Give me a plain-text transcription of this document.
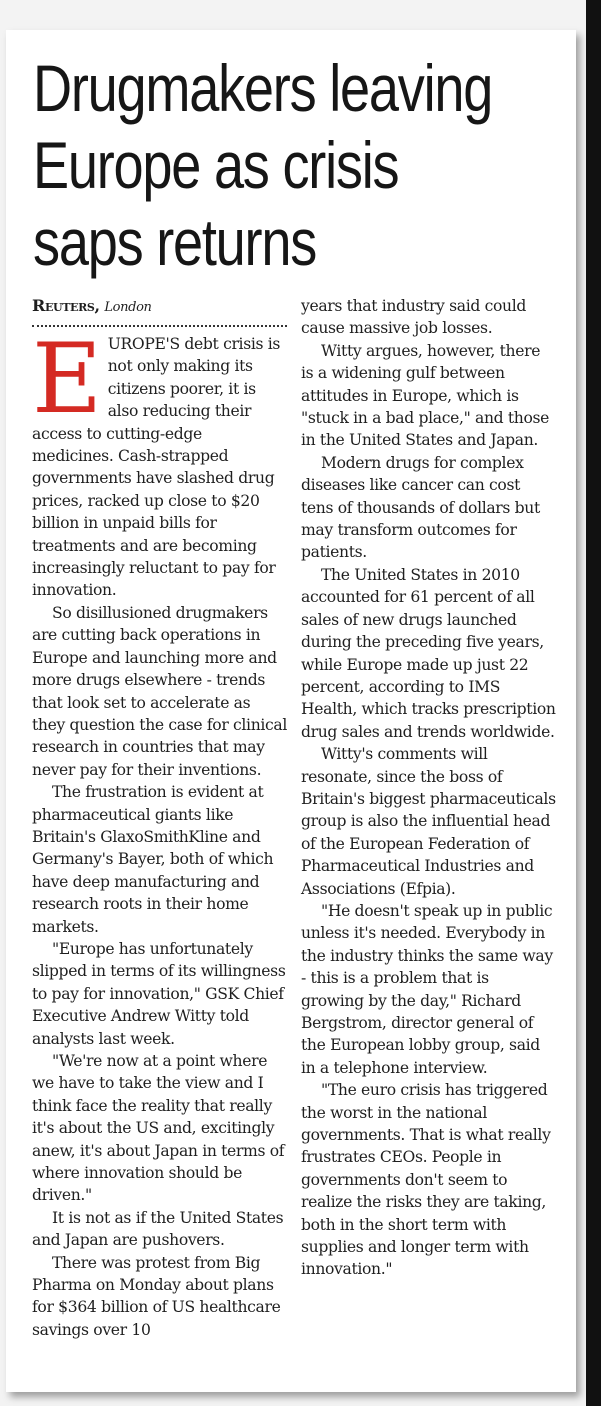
Drugmakers leaving
Europe as crisis
saps returns
Reuters, London

EUROPE'S debt crisis is not only making its citizens poorer, it is also reducing their access to cutting-edge medicines. Cash-strapped governments have slashed drug prices, racked up close to $20 billion in unpaid bills for treatments and are becoming increasingly reluctant to pay for innovation.

So disillusioned drugmakers are cutting back operations in Europe and launching more and more drugs elsewhere - trends that look set to accelerate as they question the case for clinical research in countries that may never pay for their inventions.

The frustration is evident at pharmaceutical giants like Britain's GlaxoSmithKline and Germany's Bayer, both of which have deep manufacturing and research roots in their home markets.

"Europe has unfortunately slipped in terms of its willingness to pay for innovation," GSK Chief Executive Andrew Witty told analysts last week.

"We're now at a point where we have to take the view and I think face the reality that really it's about the US and, excitingly anew, it's about Japan in terms of where innovation should be driven."

It is not as if the United States and Japan are pushovers.

There was protest from Big Pharma on Monday about plans for $364 billion of US healthcare savings over 10

years that industry said could cause massive job losses.

Witty argues, however, there is a widening gulf between attitudes in Europe, which is "stuck in a bad place," and those in the United States and Japan.

Modern drugs for complex diseases like cancer can cost tens of thousands of dollars but may transform outcomes for patients.

The United States in 2010 accounted for 61 percent of all sales of new drugs launched during the preceding five years, while Europe made up just 22 percent, according to IMS Health, which tracks prescription drug sales and trends worldwide.

Witty's comments will resonate, since the boss of Britain's biggest pharmaceuticals group is also the influential head of the European Federation of Pharmaceutical Industries and Associations (Efpia).

"He doesn't speak up in public unless it's needed. Everybody in the industry thinks the same way - this is a problem that is growing by the day," Richard Bergstrom, director general of the European lobby group, said in a telephone interview.

"The euro crisis has triggered the worst in the national governments. That is what really frustrates CEOs. People in governments don't seem to realize the risks they are taking, both in the short term with supplies and longer term with innovation."
